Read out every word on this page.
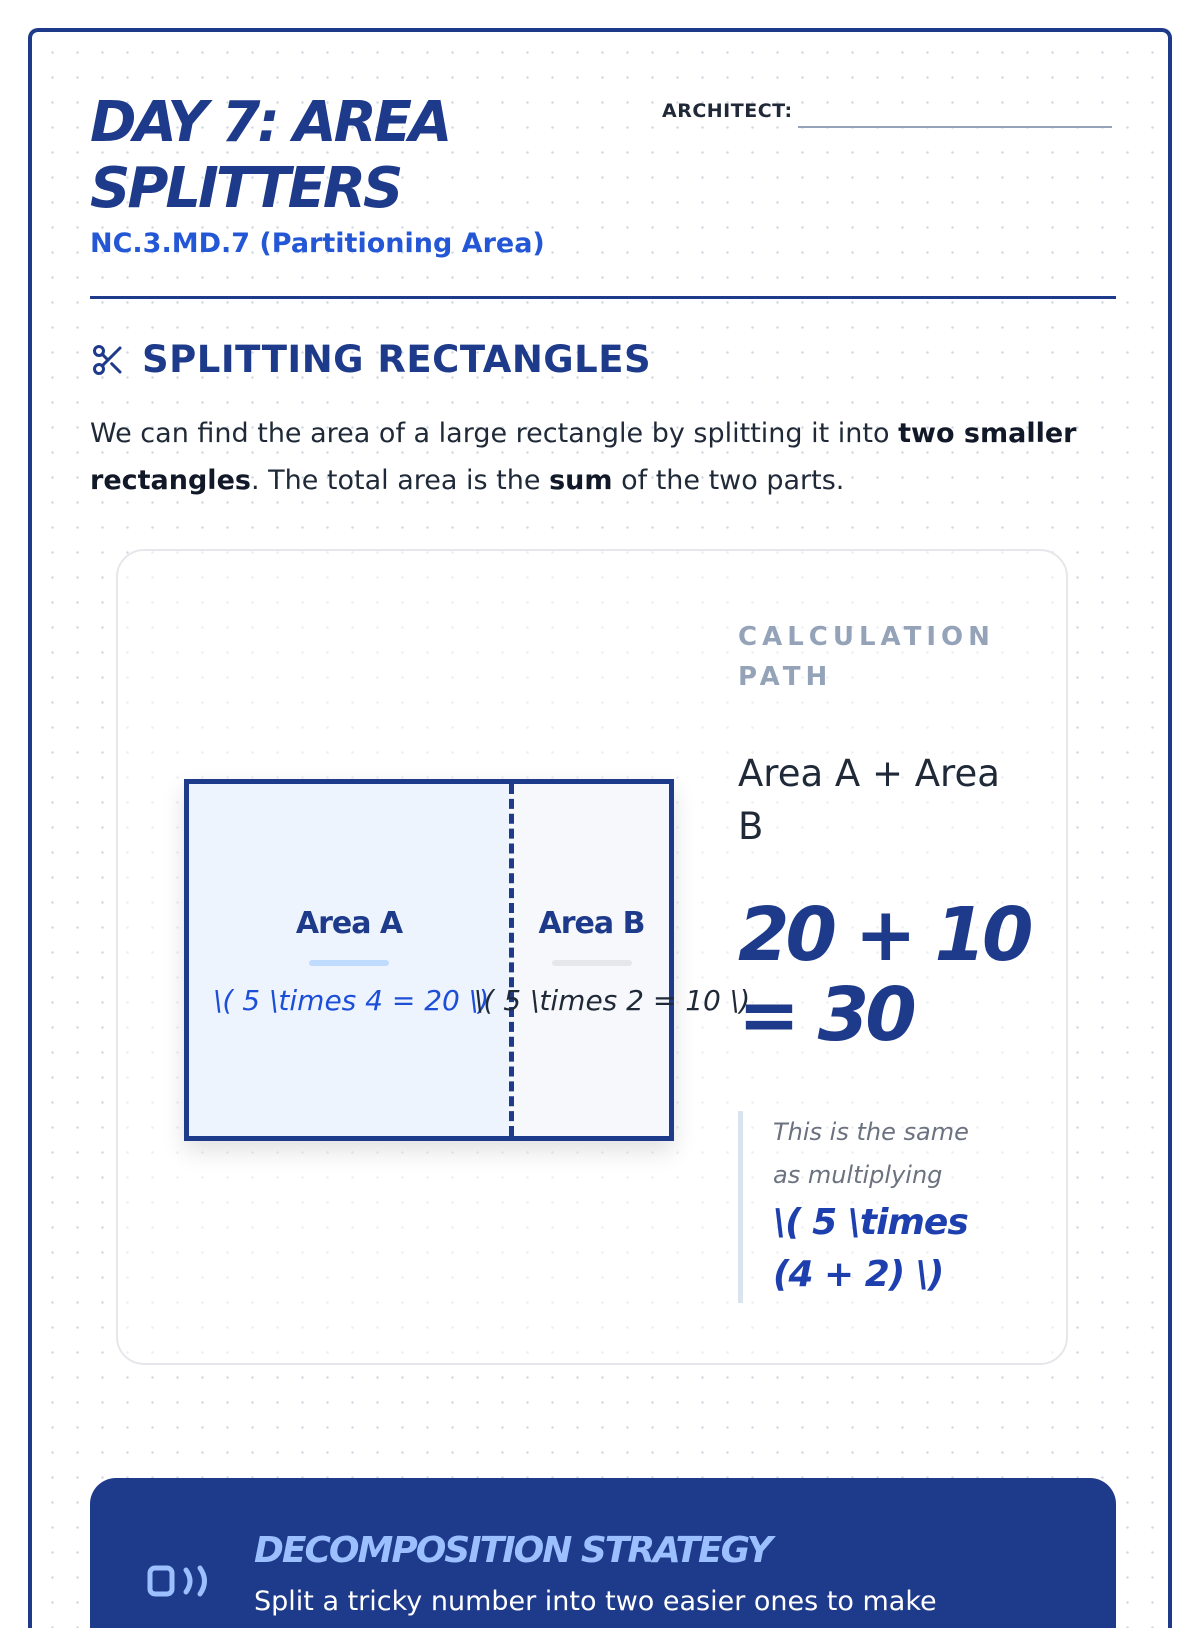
DAY 7: AREA SPLITTERS
NC.3.MD.7 (Partitioning Area)
ARCHITECT:
SPLITTING RECTANGLES

We can find the area of a large rectangle by splitting it into two smaller rectangles. The total area is the sum of the two parts.

Area A
\( 5 \times 4 = 20 \)
Area B
\( 5 \times 2 = 10 \)
CALCULATION PATH
Area A + Area B
20 + 10 = 30
This is the same as multiplying
\( 5 \times (4 + 2) \)
DECOMPOSITION STRATEGY
Split a tricky number into two easier ones to make
